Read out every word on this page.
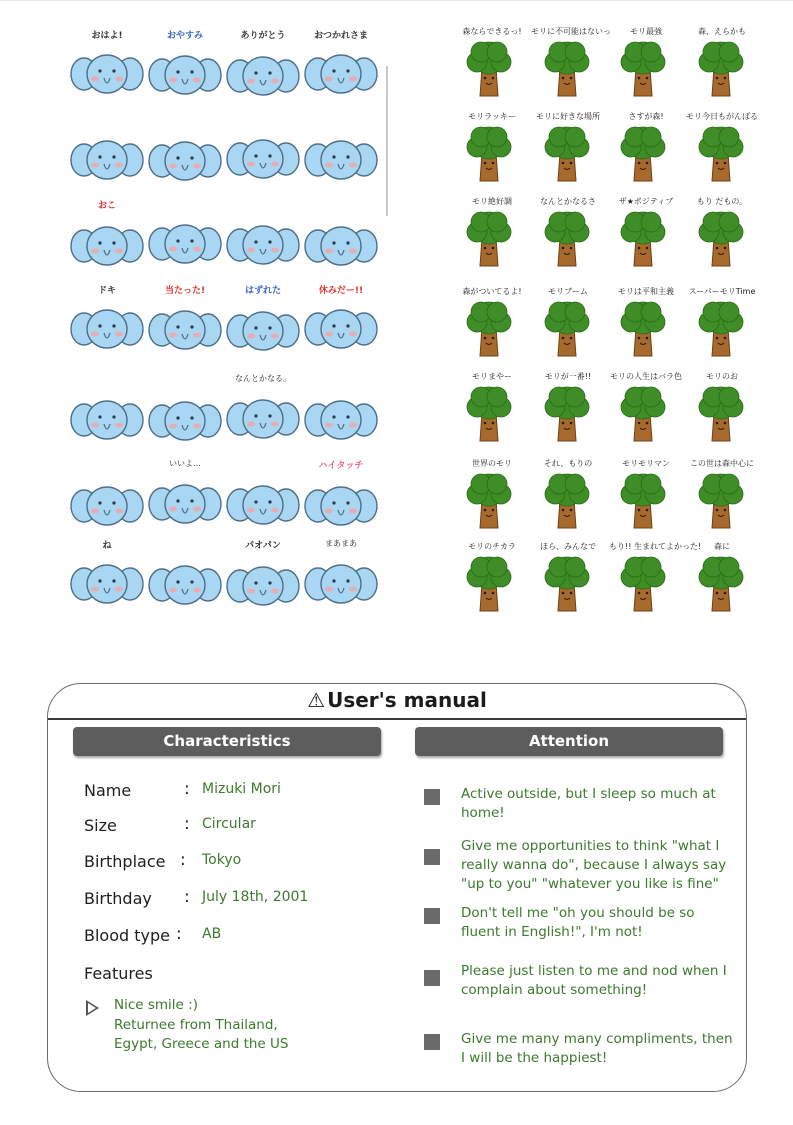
おはよ!	おやすみ	ありがとう	おつかれさま
おこ
ドキ	当たった!	はずれた	休みだー!!
なんとかなる。
いいよ…	ハイタッチ
ね	パオパン	まあまあ
森ならできるっ!	モリに不可能はないっ	モリ最強	森、えらかも
モリラッキー	モリに好きな場所	さすが森!	モリ今日もがんばる
モリ絶好調	なんとかなるさ	ザ★ポジティブ	もり だもの。
森がついてるよ!	モリブーム	モリは平和主義	スーパーモリTime
モリまやー	モリが一番!!	モリの人生はバラ色	モリのお
世界のモリ	それ、もりの	モリモリマン	この世は森中心に
モリのチカラ	ほら、みんなで	もり!! 生まれてよかった!	森に
⚠ User's manual
Characteristics	Attention
Name	: Mizuki Mori
Size	: Circular
Birthplace : Tokyo
Birthday : July 18th, 2001
Blood type : AB
Features
Nice smile :)
Returnee from Thailand,
Egypt, Greece and the US
Active outside, but I sleep so much at home!
Give me opportunities to think "what I really wanna do", because I always say "up to you" "whatever you like is fine"
Don't tell me "oh you should be so fluent in English!", I'm not!
Please just listen to me and nod when I complain about something!
Give me many many compliments, then I will be the happiest!
